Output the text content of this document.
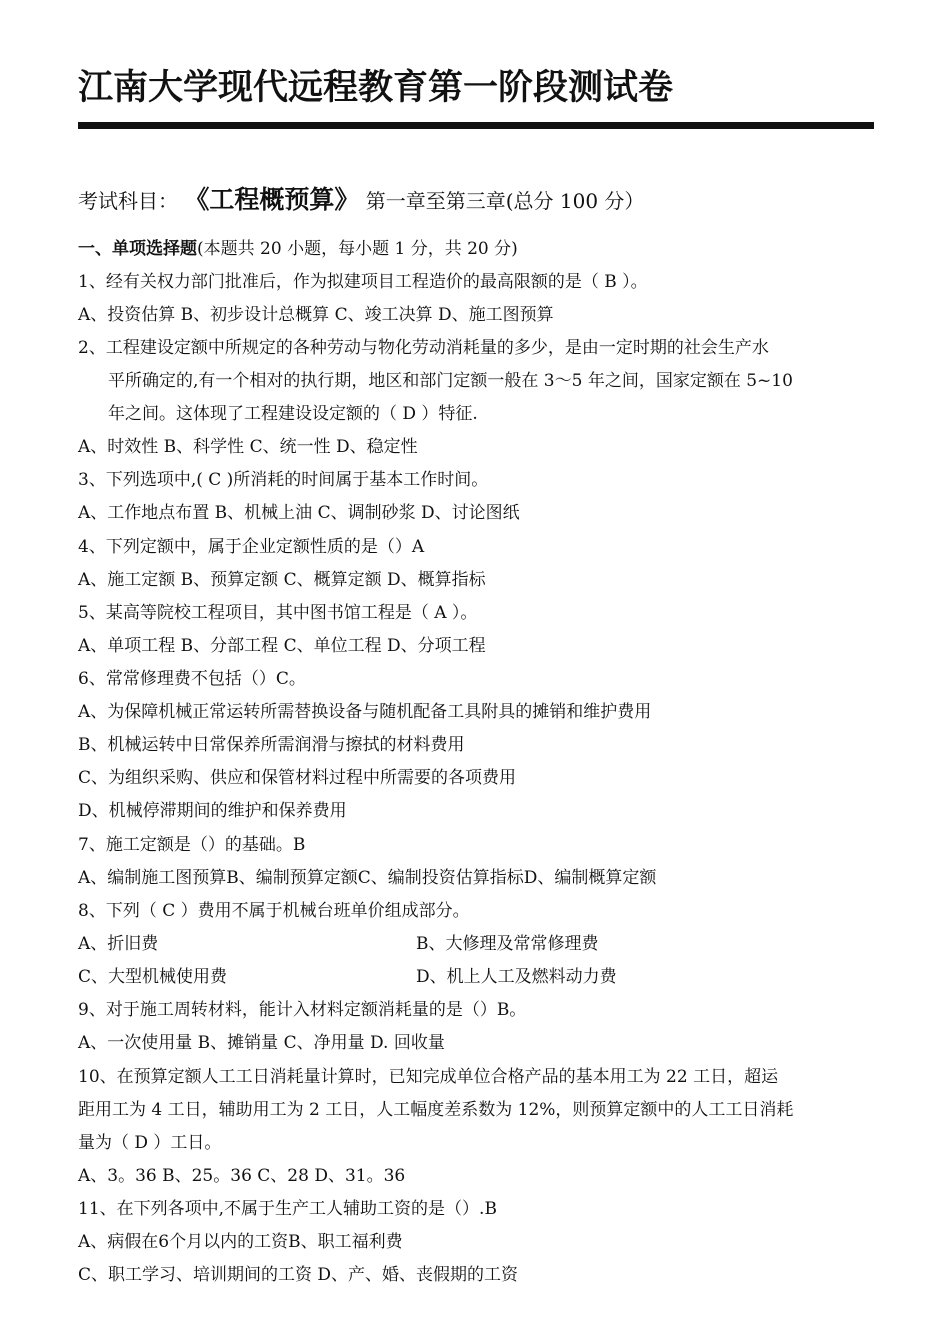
江南大学现代远程教育第一阶段测试卷
考试科目： 《工程概预算》 第一章至第三章(总分 100 分）
一、单项选择题(本题共 20 小题，每小题 1 分，共 20 分)
1、经有关权力部门批准后，作为拟建项目工程造价的最高限额的是（ B ）。
A、投资估算 B、初步设计总概算 C、竣工决算 D、施工图预算
2、工程建设定额中所规定的各种劳动与物化劳动消耗量的多少，是由一定时期的社会生产水
平所确定的,有一个相对的执行期，地区和部门定额一般在 3～5 年之间，国家定额在 5~10
年之间。这体现了工程建设设定额的（ D ）特征.
A、时效性 B、科学性 C、统一性 D、稳定性
3、下列选项中,( C )所消耗的时间属于基本工作时间。
A、工作地点布置 B、机械上油 C、调制砂浆 D、讨论图纸
4、下列定额中，属于企业定额性质的是（）A
A、施工定额 B、预算定额 C、概算定额 D、概算指标
5、某高等院校工程项目，其中图书馆工程是（ A ）。
A、单项工程 B、分部工程 C、单位工程 D、分项工程
6、常常修理费不包括（）C。
A、为保障机械正常运转所需替换设备与随机配备工具附具的摊销和维护费用
B、机械运转中日常保养所需润滑与擦拭的材料费用
C、为组织采购、供应和保管材料过程中所需要的各项费用
D、机械停滞期间的维护和保养费用
7、施工定额是（）的基础。B
A、编制施工图预算B、编制预算定额C、编制投资估算指标D、编制概算定额
8、下列（ C ）费用不属于机械台班单价组成部分。
A、折旧费	B、大修理及常常修理费
C、大型机械使用费	D、机上人工及燃料动力费
9、对于施工周转材料，能计入材料定额消耗量的是（）B。
A、一次使用量 B、摊销量 C、净用量 D. 回收量
10、在预算定额人工工日消耗量计算时，已知完成单位合格产品的基本用工为 22 工日，超运
距用工为 4 工日，辅助用工为 2 工日，人工幅度差系数为 12%，则预算定额中的人工工日消耗
量为（ D ）工日。
A、3。36 B、25。36 C、28 D、31。36
11、在下列各项中,不属于生产工人辅助工资的是（）.B
A、病假在6个月以内的工资B、职工福利费
C、职工学习、培训期间的工资 D、产、婚、丧假期的工资
